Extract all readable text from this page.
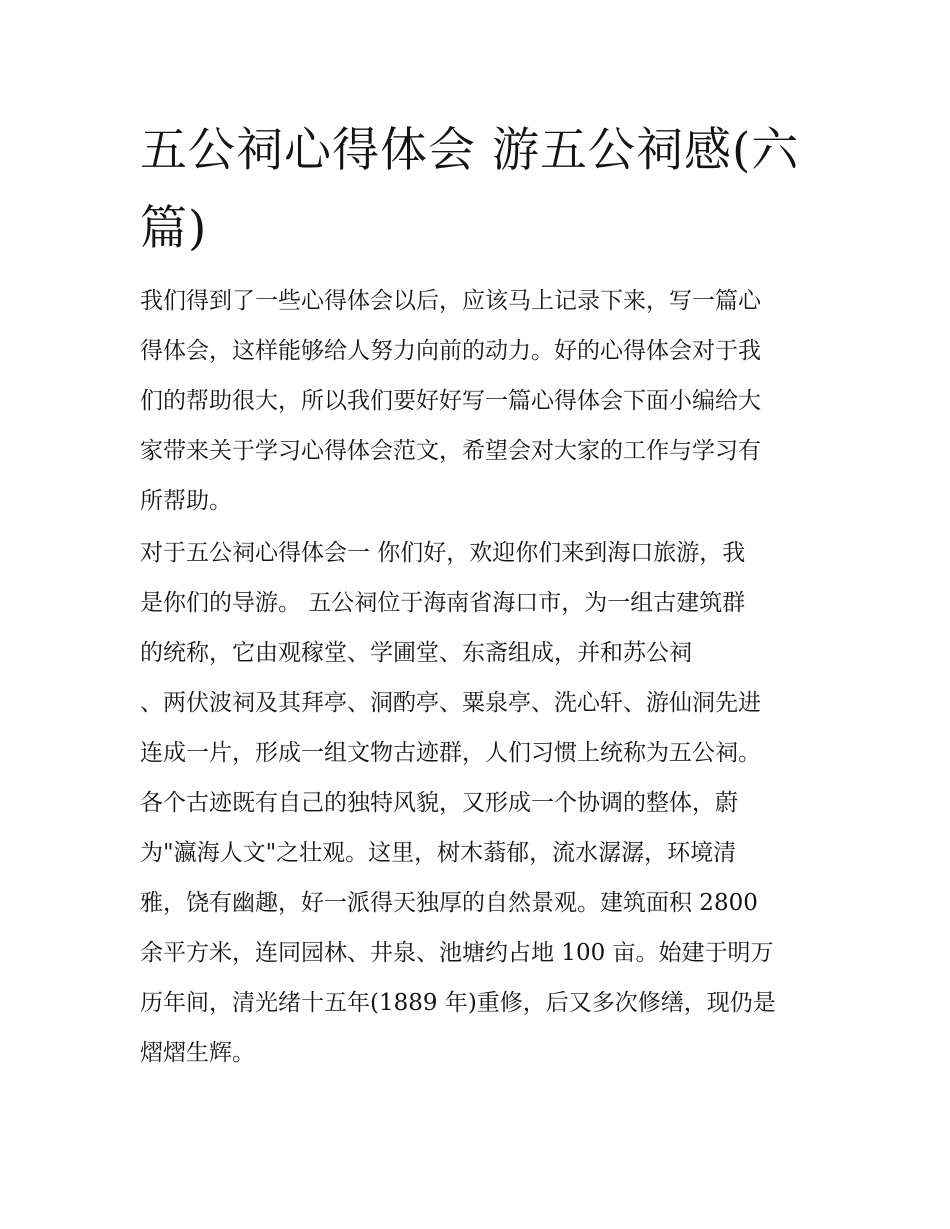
五公祠心得体会 游五公祠感(六篇)

我们得到了一些心得体会以后，应该马上记录下来，写一篇心

得体会，这样能够给人努力向前的动力。好的心得体会对于我

们的帮助很大，所以我们要好好写一篇心得体会下面小编给大

家带来关于学习心得体会范文，希望会对大家的工作与学习有

所帮助。

对于五公祠心得体会一 你们好，欢迎你们来到海口旅游，我

是你们的导游。 五公祠位于海南省海口市，为一组古建筑群

的统称，它由观稼堂、学圃堂、东斋组成，并和苏公祠

、两伏波祠及其拜亭、洞酌亭、粟泉亭、洗心轩、游仙洞先进

连成一片，形成一组文物古迹群，人们习惯上统称为五公祠。

各个古迹既有自己的独特风貌，又形成一个协调的整体，蔚

为"瀛海人文"之壮观。这里，树木蓊郁，流水潺潺，环境清

雅，饶有幽趣，好一派得天独厚的自然景观。建筑面积 2800

余平方米，连同园林、井泉、池塘约占地 100 亩。始建于明万

历年间，清光绪十五年(1889 年)重修，后又多次修缮，现仍是

熠熠生辉。
